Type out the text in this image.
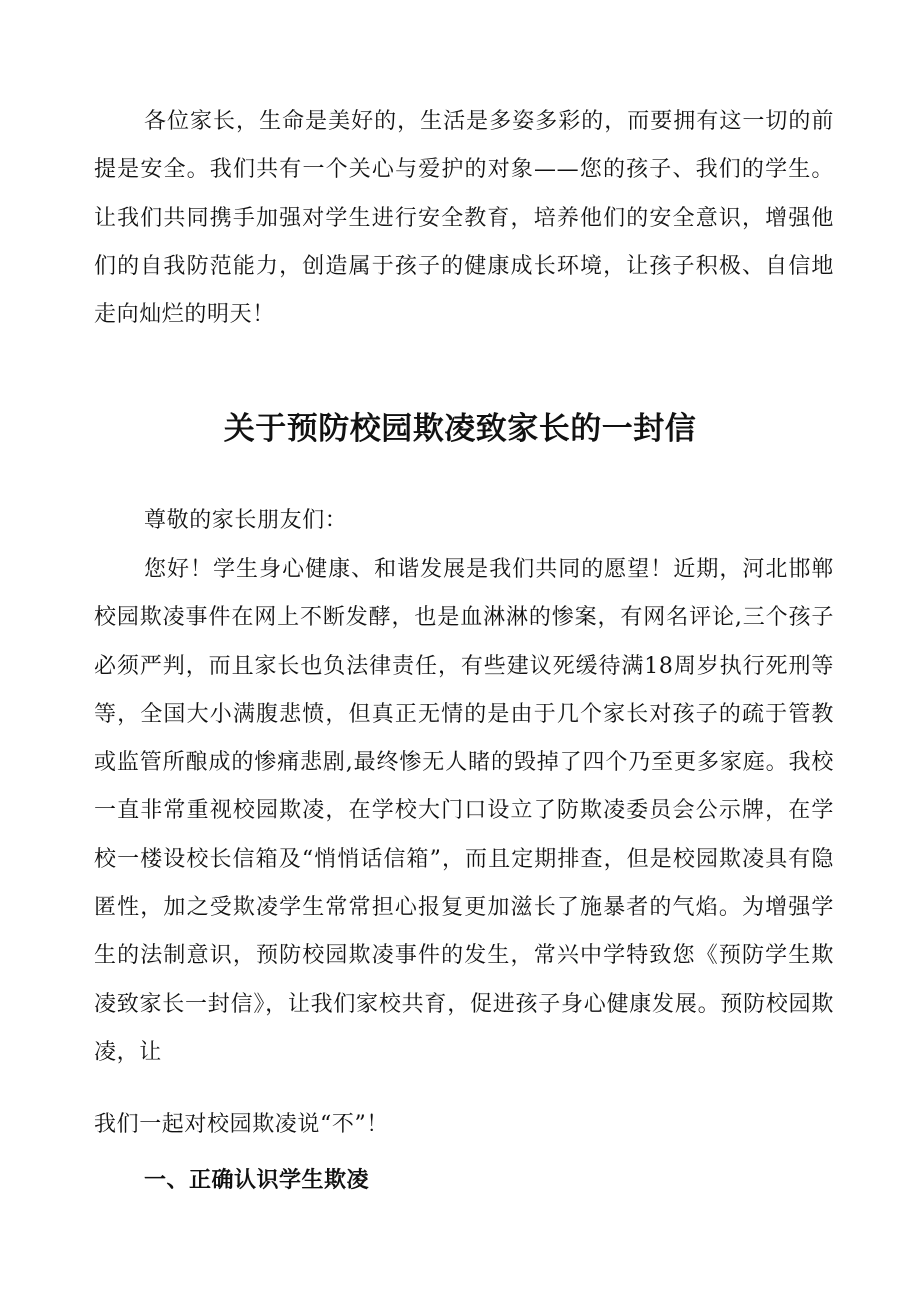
各位家长，生命是美好的，生活是多姿多彩的，而要拥有这一切的前提是安全。我们共有一个关心与爱护的对象——您的孩子、我们的学生。让我们共同携手加强对学生进行安全教育，培养他们的安全意识，增强他们的自我防范能力，创造属于孩子的健康成长环境，让孩子积极、自信地走向灿烂的明天！

关于预防校园欺凌致家长的一封信

尊敬的家长朋友们：

您好！学生身心健康、和谐发展是我们共同的愿望！近期，河北邯郸校园欺凌事件在网上不断发酵，也是血淋淋的惨案，有网名评论,三个孩子必须严判，而且家长也负法律责任，有些建议死缓待满18周岁执行死刑等等，全国大小满腹悲愤，但真正无情的是由于几个家长对孩子的疏于管教或监管所酿成的惨痛悲剧,最终惨无人睹的毁掉了四个乃至更多家庭。我校一直非常重视校园欺凌，在学校大门口设立了防欺凌委员会公示牌，在学校一楼设校长信箱及“悄悄话信箱”，而且定期排查，但是校园欺凌具有隐匿性，加之受欺凌学生常常担心报复更加滋长了施暴者的气焰。为增强学生的法制意识，预防校园欺凌事件的发生，常兴中学特致您《预防学生欺凌致家长一封信》，让我们家校共育，促进孩子身心健康发展。预防校园欺凌，让

我们一起对校园欺凌说“不”！

一、正确认识学生欺凌
